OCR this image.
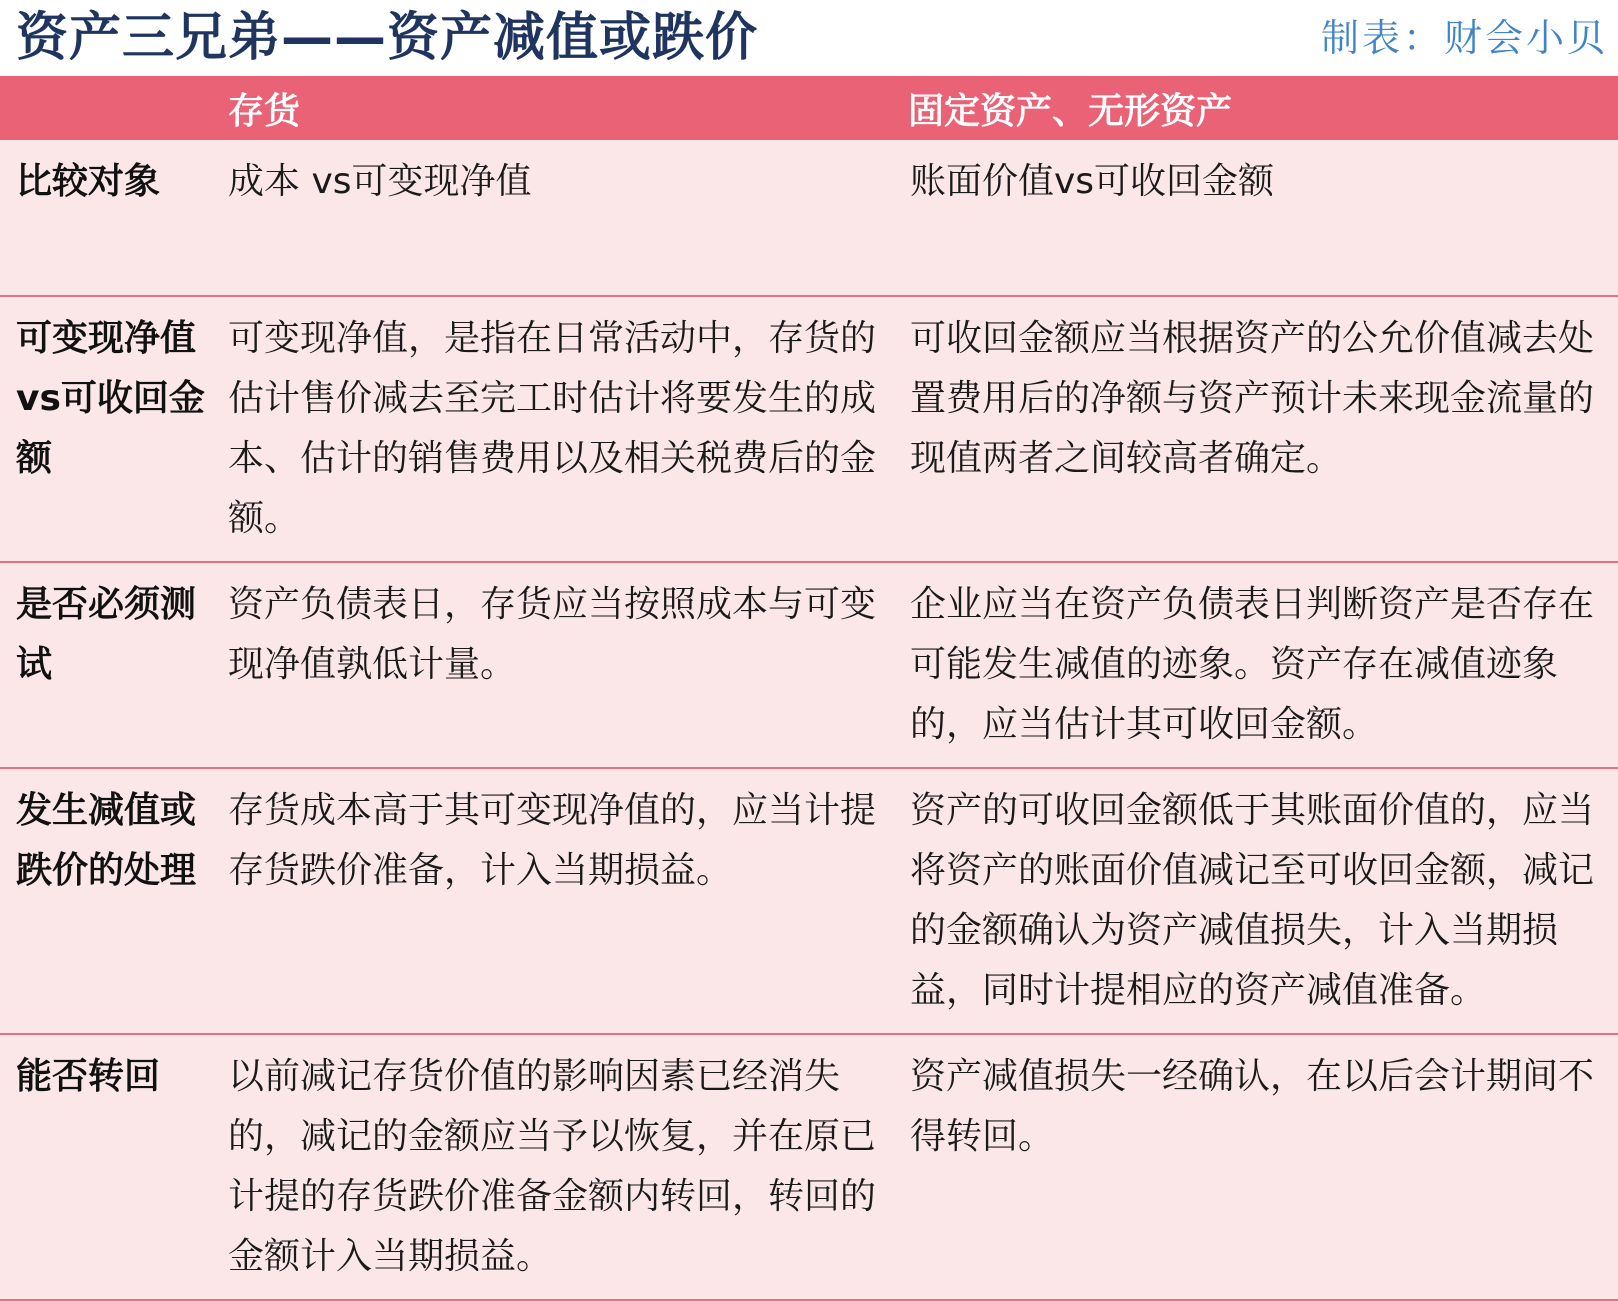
资产三兄弟——资产减值或跌价	制表：财会小贝
	存货	固定资产、无形资产
比较对象	成本 vs可变现净值	账面价值vs可收回金额
可变现净值vs可收回金额	可变现净值，是指在日常活动中，存货的估计售价减去至完工时估计将要发生的成本、估计的销售费用以及相关税费后的金额。	可收回金额应当根据资产的公允价值减去处置费用后的净额与资产预计未来现金流量的现值两者之间较高者确定。
是否必须测试	资产负债表日，存货应当按照成本与可变现净值孰低计量。	企业应当在资产负债表日判断资产是否存在可能发生减值的迹象。资产存在减值迹象的，应当估计其可收回金额。
发生减值或跌价的处理	存货成本高于其可变现净值的，应当计提存货跌价准备，计入当期损益。	资产的可收回金额低于其账面价值的，应当将资产的账面价值减记至可收回金额，减记的金额确认为资产减值损失，计入当期损益，同时计提相应的资产减值准备。
能否转回	以前减记存货价值的影响因素已经消失的，减记的金额应当予以恢复，并在原已计提的存货跌价准备金额内转回，转回的金额计入当期损益。	资产减值损失一经确认，在以后会计期间不得转回。
